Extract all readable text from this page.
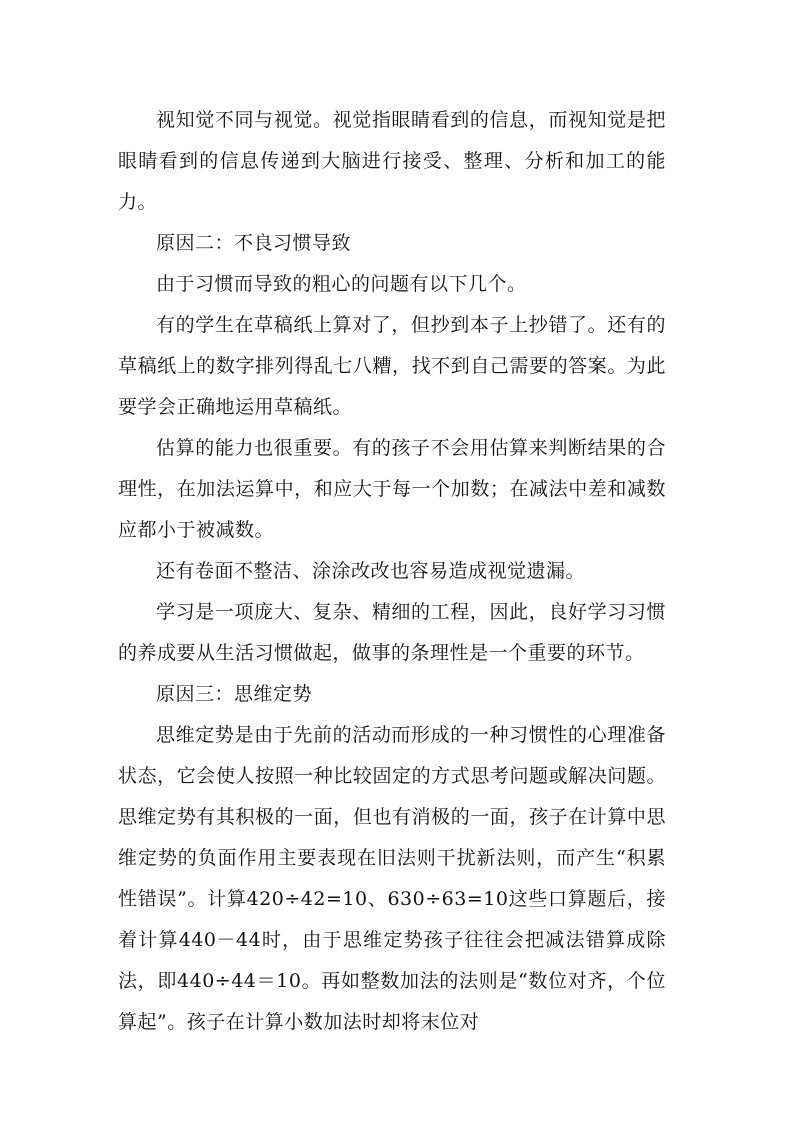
视知觉不同与视觉。视觉指眼睛看到的信息，而视知觉是把眼睛看到的信息传递到大脑进行接受、整理、分析和加工的能力。

原因二：不良习惯导致

由于习惯而导致的粗心的问题有以下几个。

有的学生在草稿纸上算对了，但抄到本子上抄错了。还有的草稿纸上的数字排列得乱七八糟，找不到自己需要的答案。为此要学会正确地运用草稿纸。

估算的能力也很重要。有的孩子不会用估算来判断结果的合理性，在加法运算中，和应大于每一个加数；在减法中差和减数应都小于被减数。

还有卷面不整洁、涂涂改改也容易造成视觉遗漏。

学习是一项庞大、复杂、精细的工程，因此，良好学习习惯的养成要从生活习惯做起，做事的条理性是一个重要的环节。

原因三：思维定势

思维定势是由于先前的活动而形成的一种习惯性的心理准备状态，它会使人按照一种比较固定的方式思考问题或解决问题。思维定势有其积极的一面，但也有消极的一面，孩子在计算中思维定势的负面作用主要表现在旧法则干扰新法则，而产生“积累性错误”。计算420÷42=10、630÷63=10这些口算题后，接着计算440－44时，由于思维定势孩子往往会把减法错算成除法，即440÷44＝10。再如整数加法的法则是“数位对齐，个位算起”。孩子在计算小数加法时却将末位对
